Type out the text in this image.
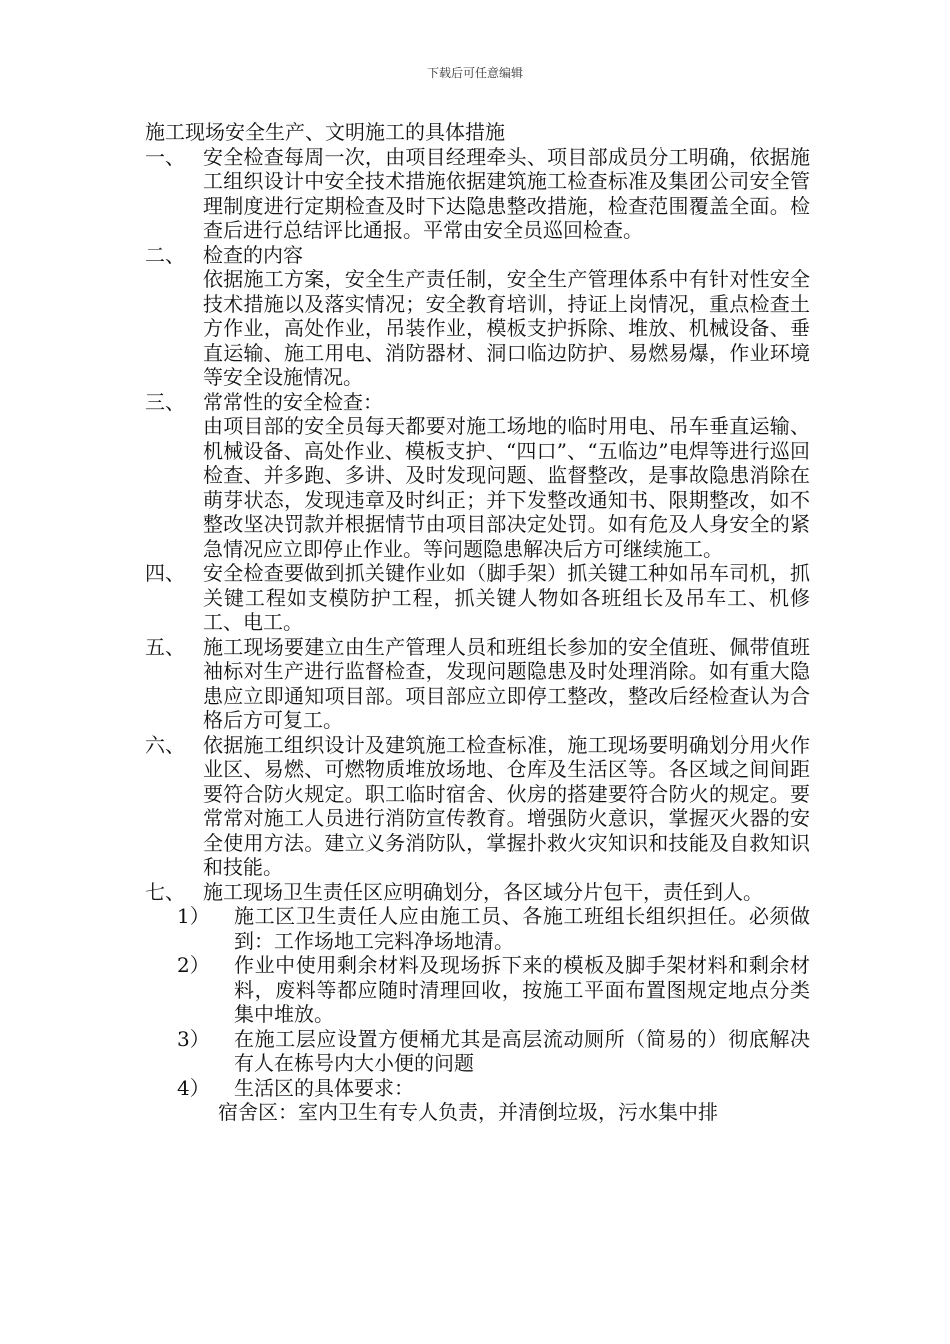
下载后可任意编辑
施工现场安全生产、文明施工的具体措施
一、 安全检查每周一次，由项目经理牵头、项目部成员分工明确，依据施工组织设计中安全技术措施依据建筑施工检查标准及集团公司安全管理制度进行定期检查及时下达隐患整改措施，检查范围覆盖全面。检查后进行总结评比通报。平常由安全员巡回检查。
二、 检查的内容
依据施工方案，安全生产责任制，安全生产管理体系中有针对性安全技术措施以及落实情况；安全教育培训，持证上岗情况，重点检查土方作业，高处作业，吊装作业，模板支护拆除、堆放、机械设备、垂直运输、施工用电、消防器材、洞口临边防护、易燃易爆，作业环境等安全设施情况。
三、 常常性的安全检查：
由项目部的安全员每天都要对施工场地的临时用电、吊车垂直运输、机械设备、高处作业、模板支护、“四口”、“五临边”电焊等进行巡回检查、并多跑、多讲、及时发现问题、监督整改，是事故隐患消除在萌芽状态，发现违章及时纠正；并下发整改通知书、限期整改，如不整改坚决罚款并根据情节由项目部决定处罚。如有危及人身安全的紧急情况应立即停止作业。等问题隐患解决后方可继续施工。
四、 安全检查要做到抓关键作业如（脚手架）抓关键工种如吊车司机，抓关键工程如支模防护工程，抓关键人物如各班组长及吊车工、机修工、电工。
五、 施工现场要建立由生产管理人员和班组长参加的安全值班、佩带值班袖标对生产进行监督检查，发现问题隐患及时处理消除。如有重大隐患应立即通知项目部。项目部应立即停工整改，整改后经检查认为合格后方可复工。
六、 依据施工组织设计及建筑施工检查标准，施工现场要明确划分用火作业区、易燃、可燃物质堆放场地、仓库及生活区等。各区域之间间距要符合防火规定。职工临时宿舍、伙房的搭建要符合防火的规定。要常常对施工人员进行消防宣传教育。增强防火意识，掌握灭火器的安全使用方法。建立义务消防队，掌握扑救火灾知识和技能及自救知识和技能。
七、 施工现场卫生责任区应明确划分，各区域分片包干，责任到人。
1） 施工区卫生责任人应由施工员、各施工班组长组织担任。必须做到：工作场地工完料净场地清。
2） 作业中使用剩余材料及现场拆下来的模板及脚手架材料和剩余材料，废料等都应随时清理回收，按施工平面布置图规定地点分类集中堆放。
3） 在施工层应设置方便桶尤其是高层流动厕所（简易的）彻底解决有人在栋号内大小便的问题
4） 生活区的具体要求：
宿舍区：室内卫生有专人负责，并清倒垃圾，污水集中排
